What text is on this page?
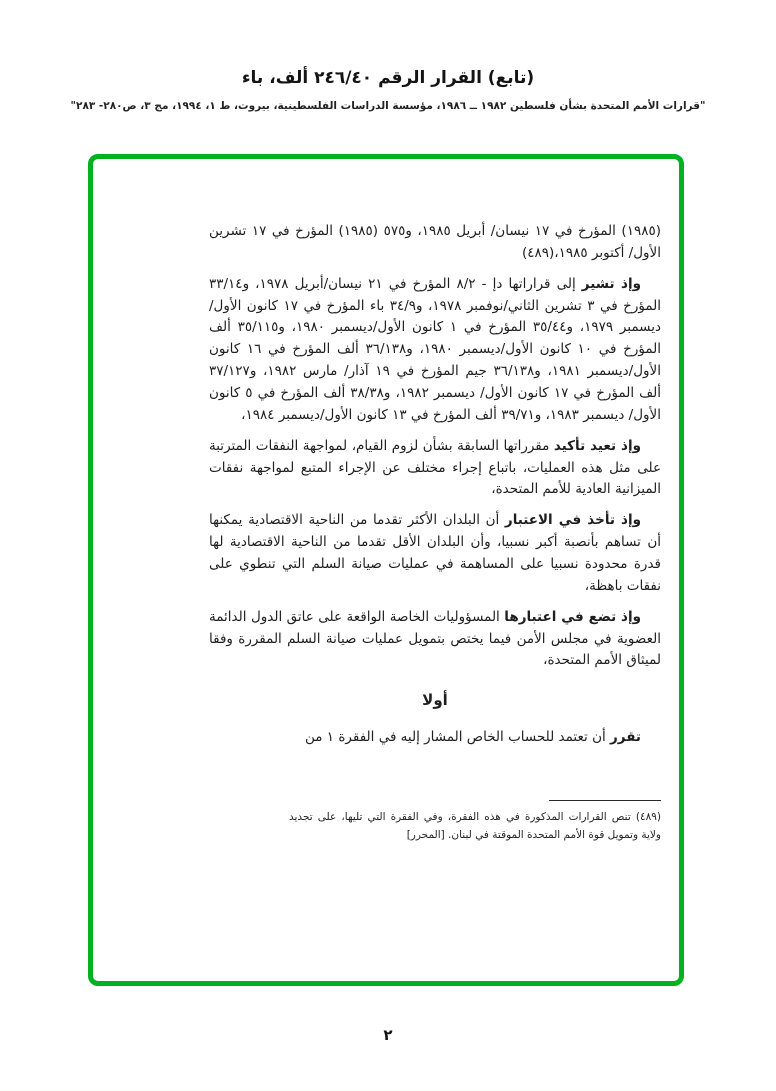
(تابع) القرار الرقم ٢٤٦/٤٠ ألف، باء
"قرارات الأمم المتحدة بشأن فلسطين ١٩٨٢ ــ ١٩٨٦، مؤسسة الدراسات الفلسطينية، بيروت، ط ١، ١٩٩٤، مج ٣، ص٢٨٠- ٢٨٣"

(١٩٨٥) المؤرخ في ١٧ نيسان/ أبريل ١٩٨٥، و٥٧٥ (١٩٨٥) المؤرخ في ١٧ تشرين الأول/ أكتوبر ١٩٨٥،(٤٨٩)

وإذ تشير إلى قراراتها دإ - ٨/٢ المؤرخ في ٢١ نيسان/أبريل ١٩٧٨، و٣٣/١٤ المؤرخ في ٣ تشرين الثاني/نوفمبر ١٩٧٨، و٣٤/٩ باء المؤرخ في ١٧ كانون الأول/ديسمبر ١٩٧٩، و٣٥/٤٤ المؤرخ في ١ كانون الأول/ديسمبر ١٩٨٠، و٣٥/١١٥ ألف المؤرخ في ١٠ كانون الأول/ديسمبر ١٩٨٠، و٣٦/١٣٨ ألف المؤرخ في ١٦ كانون الأول/ديسمبر ١٩٨١، و٣٦/١٣٨ جيم المؤرخ في ١٩ آذار/ مارس ١٩٨٢، و٣٧/١٢٧ ألف المؤرخ في ١٧ كانون الأول/ ديسمبر ١٩٨٢، و٣٨/٣٨ ألف المؤرخ في ٥ كانون الأول/ ديسمبر ١٩٨٣، و٣٩/٧١ ألف المؤرخ في ١٣ كانون الأول/ديسمبر ١٩٨٤،

وإذ تعيد تأكيد مقرراتها السابقة بشأن لزوم القيام، لمواجهة النفقات المترتبة على مثل هذه العمليات، باتباع إجراء مختلف عن الإجراء المتبع لمواجهة نفقات الميزانية العادية للأمم المتحدة،

وإذ تأخذ في الاعتبار أن البلدان الأكثر تقدما من الناحية الاقتصادية يمكنها أن تساهم بأنصبة أكبر نسبيا، وأن البلدان الأقل تقدما من الناحية الاقتصادية لها قدرة محدودة نسبيا على المساهمة في عمليات صيانة السلم التي تنطوي على نفقات باهظة،

وإذ تضع في اعتبارها المسؤوليات الخاصة الواقعة على عاتق الدول الدائمة العضوية في مجلس الأمن فيما يختص بتمويل عمليات صيانة السلم المقررة وفقا لميثاق الأمم المتحدة،

أولا

تقرر أن تعتمد للحساب الخاص المشار إليه في الفقرة ١ من

(٤٨٩) تنص القرارات المذكورة في هذه الفقرة، وفي الفقرة التي تليها، على تجديد ولاية وتمويل قوة الأمم المتحدة الموقتة في لبنان. [المحرر]

٢
